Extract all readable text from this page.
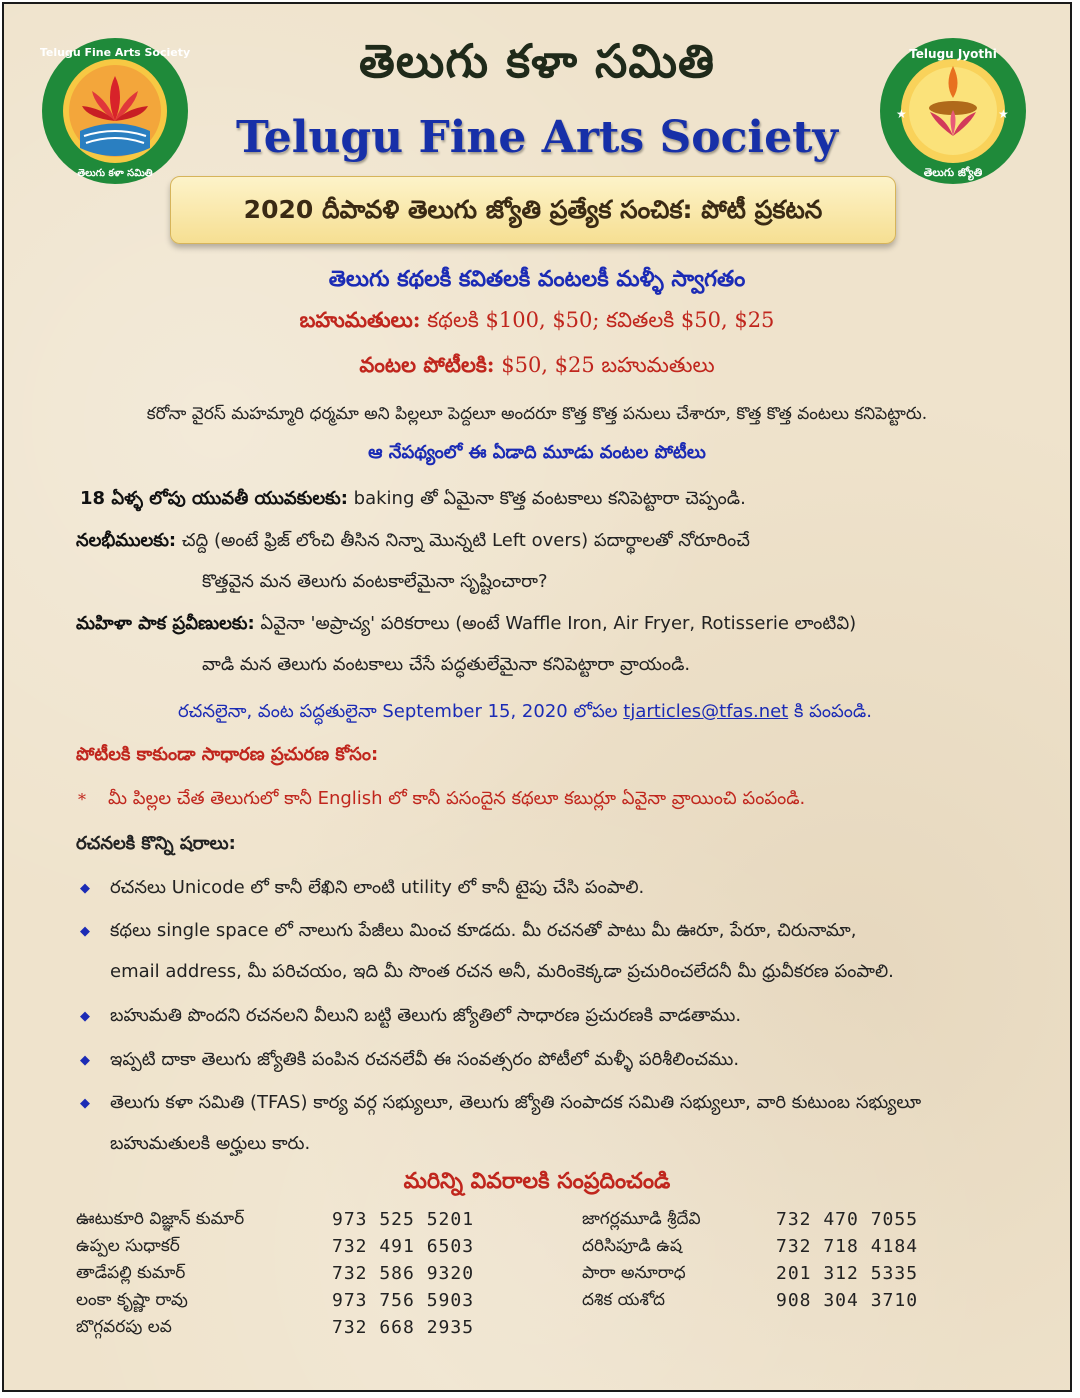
Telugu Fine Arts Society
తెలుగు కళా సమితి
★	★
Telugu Jyothi
తెలుగు జ్యోతి
తెలుగు కళా సమితి
Telugu Fine Arts Society
2020 దీపావళి తెలుగు జ్యోతి ప్రత్యేక సంచిక: పోటీ ప్రకటన
తెలుగు కథలకీ కవితలకీ వంటలకీ మళ్ళీ స్వాగతం
బహుమతులు: కథలకి $100, $50; కవితలకి $50, $25
వంటల పోటీలకి: $50, $25 బహుమతులు
కరోనా వైరస్ మహమ్మారి ధర్మమా అని పిల్లలూ పెద్దలూ అందరూ కొత్త కొత్త పనులు చేశారూ, కొత్త కొత్త వంటలు కనిపెట్టారు.
ఆ నేపథ్యంలో ఈ ఏడాది మూడు వంటల పోటీలు
18 ఏళ్ళ లోపు యువతీ యువకులకు: baking తో ఏమైనా కొత్త వంటకాలు కనిపెట్టారా చెప్పండి.
నలభీములకు: చద్ది (అంటే ఫ్రిజ్ లోంచి తీసిన నిన్నా మొన్నటి Left overs) పదార్థాలతో నోరూరించే
కొత్తవైన మన తెలుగు వంటకాలేమైనా సృష్టించారా?
మహిళా పాక ప్రవీణులకు: ఏవైనా 'అప్రాచ్య' పరికరాలు (అంటే Waffle Iron, Air Fryer, Rotisserie లాంటివి)
వాడి మన తెలుగు వంటకాలు చేసే పద్ధతులేమైనా కనిపెట్టారా వ్రాయండి.
రచనలైనా, వంట పద్ధతులైనా September 15, 2020 లోపల tjarticles@tfas.net కి పంపండి.
పోటీలకి కాకుండా సాధారణ ప్రచురణ కోసం:
* మీ పిల్లల చేత తెలుగులో కానీ English లో కానీ పసందైన కథలూ కబుర్లూ ఏవైనా వ్రాయించి పంపండి.
రచనలకి కొన్ని షరాలు:
◆ రచనలు Unicode లో కానీ లేఖిని లాంటి utility లో కానీ టైపు చేసి పంపాలి.
◆ కథలు single space లో నాలుగు పేజీలు మించ కూడదు. మీ రచనతో పాటు మీ ఊరూ, పేరూ, చిరునామా,
email address, మీ పరిచయం, ఇది మీ సొంత రచన అనీ, మరింకెక్కడా ప్రచురించలేదనీ మీ ధ్రువీకరణ పంపాలి.
◆ బహుమతి పొందని రచనలని వీలుని బట్టి తెలుగు జ్యోతిలో సాధారణ ప్రచురణకి వాడతాము.
◆ ఇప్పటి దాకా తెలుగు జ్యోతికి పంపిన రచనలేవీ ఈ సంవత్సరం పోటీలో మళ్ళీ పరిశీలించము.
◆ తెలుగు కళా సమితి (TFAS) కార్య వర్గ సభ్యులూ, తెలుగు జ్యోతి సంపాదక సమితి సభ్యులూ, వారి కుటుంబ సభ్యులూ
బహుమతులకి అర్హులు కారు.
మరిన్ని వివరాలకి సంప్రదించండి
ఊటుకూరి విజ్ఞాన్ కుమార్	973 525 5201
ఉప్పల సుధాకర్	732 491 6503
తాడేపల్లి కుమార్	732 586 9320
లంకా కృష్ణా రావు	973 756 5903
బొగ్గవరపు లవ	732 668 2935
జాగర్లమూడి శ్రీదేవి	732 470 7055
దరిసిపూడి ఉష	732 718 4184
పారా అనూరాధ	201 312 5335
దశిక యశోద	908 304 3710
